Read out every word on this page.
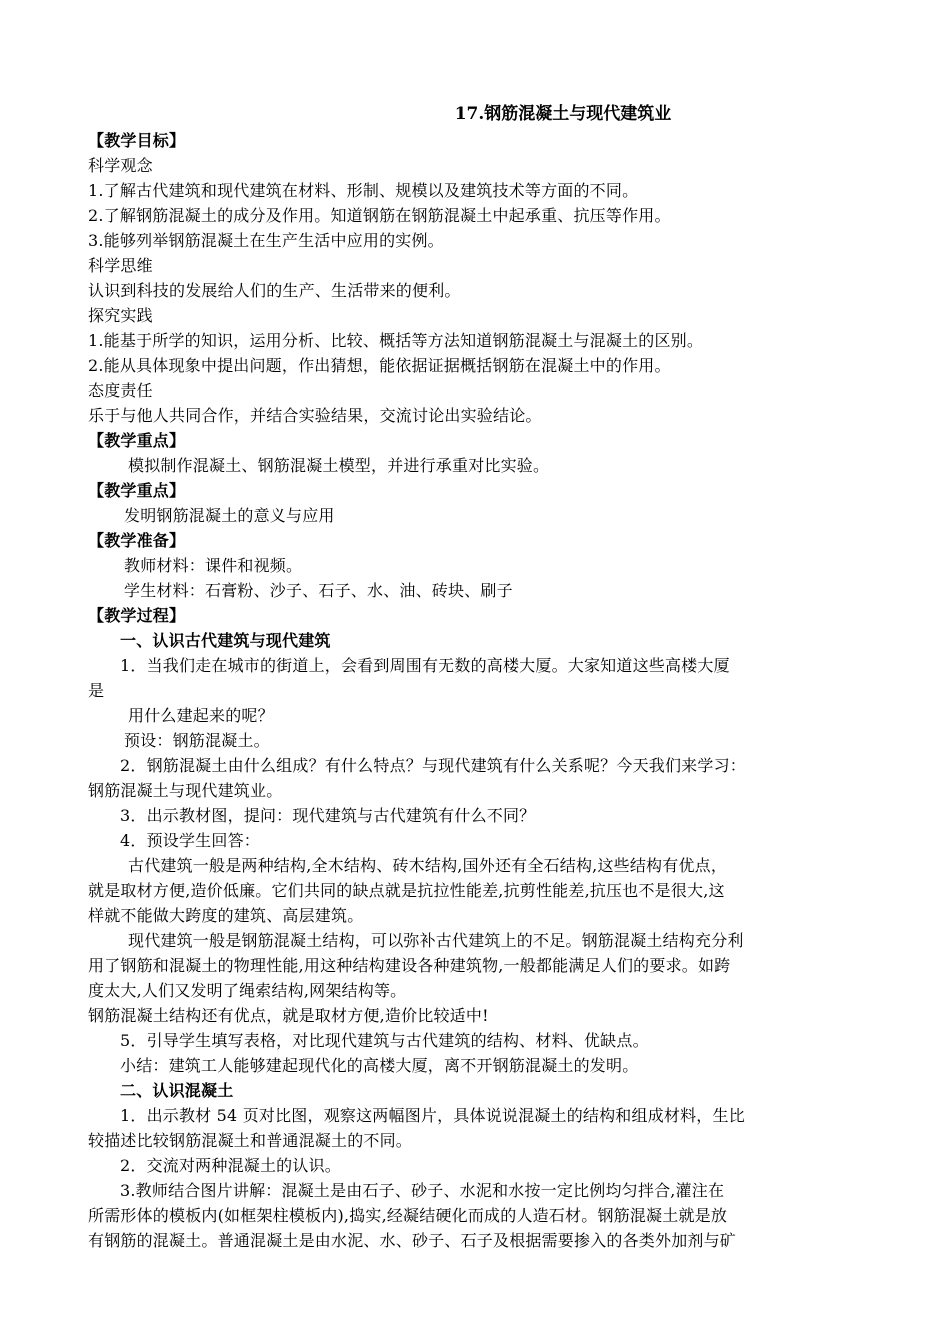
17.钢筋混凝土与现代建筑业
【教学目标】
科学观念
1.了解古代建筑和现代建筑在材料、形制、规模以及建筑技术等方面的不同。
2.了解钢筋混凝土的成分及作用。知道钢筋在钢筋混凝土中起承重、抗压等作用。
3.能够列举钢筋混凝土在生产生活中应用的实例。
科学思维
认识到科技的发展给人们的生产、生活带来的便利。
探究实践
1.能基于所学的知识，运用分析、比较、概括等方法知道钢筋混凝土与混凝土的区别。
2.能从具体现象中提出问题，作出猜想，能依据证据概括钢筋在混凝土中的作用。
态度责任
乐于与他人共同合作，并结合实验结果，交流讨论出实验结论。
【教学重点】
模拟制作混凝土、钢筋混凝土模型，并进行承重对比实验。
【教学重点】
发明钢筋混凝土的意义与应用
【教学准备】
教师材料：课件和视频。
学生材料：石膏粉、沙子、石子、水、油、砖块、刷子
【教学过程】
一、认识古代建筑与现代建筑
1．当我们走在城市的街道上，会看到周围有无数的高楼大厦。大家知道这些高楼大厦
是
用什么建起来的呢？
预设：钢筋混凝土。
2．钢筋混凝土由什么组成？有什么特点？与现代建筑有什么关系呢？今天我们来学习：
钢筋混凝土与现代建筑业。
3．出示教材图，提问：现代建筑与古代建筑有什么不同？
4．预设学生回答：
古代建筑一般是两种结构,全木结构、砖木结构,国外还有全石结构,这些结构有优点，
就是取材方便,造价低廉。它们共同的缺点就是抗拉性能差,抗剪性能差,抗压也不是很大,这
样就不能做大跨度的建筑、高层建筑。
现代建筑一般是钢筋混凝土结构，可以弥补古代建筑上的不足。钢筋混凝土结构充分利
用了钢筋和混凝土的物理性能,用这种结构建设各种建筑物,一般都能满足人们的要求。如跨
度太大,人们又发明了绳索结构,网架结构等。
钢筋混凝土结构还有优点，就是取材方便,造价比较适中!
5．引导学生填写表格，对比现代建筑与古代建筑的结构、材料、优缺点。
小结：建筑工人能够建起现代化的高楼大厦，离不开钢筋混凝土的发明。
二、认识混凝土
1．出示教材 54 页对比图，观察这两幅图片，具体说说混凝土的结构和组成材料，生比
较描述比较钢筋混凝土和普通混凝土的不同。
2．交流对两种混凝土的认识。
3.教师结合图片讲解：混凝土是由石子、砂子、水泥和水按一定比例均匀拌合,灌注在
所需形体的模板内(如框架柱模板内),捣实,经凝结硬化而成的人造石材。钢筋混凝土就是放
有钢筋的混凝土。普通混凝土是由水泥、水、砂子、石子及根据需要掺入的各类外加剂与矿
